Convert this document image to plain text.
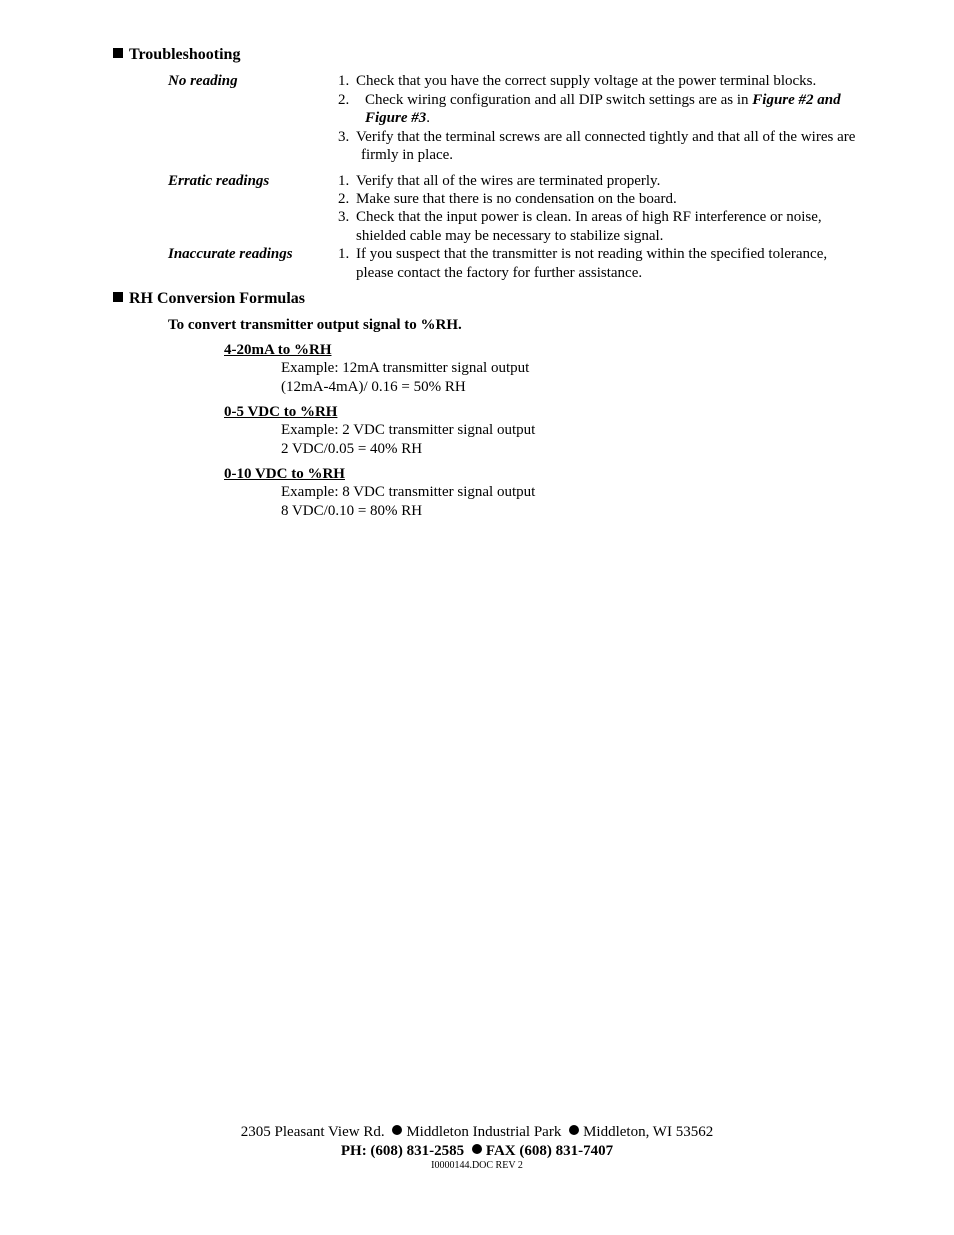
Troubleshooting
No reading	1. Check that you have the correct supply voltage at the power terminal blocks.
2. Check wiring configuration and all DIP switch settings are as in Figure #2 and
Figure #3.
3. Verify that the terminal screws are all connected tightly and that all of the wires are
firmly in place.
Erratic readings	1. Verify that all of the wires are terminated properly.
2. Make sure that there is no condensation on the board.
3. Check that the input power is clean. In areas of high RF interference or noise,
shielded cable may be necessary to stabilize signal.
Inaccurate readings	1. If you suspect that the transmitter is not reading within the specified tolerance,
please contact the factory for further assistance.
RH Conversion Formulas
To convert transmitter output signal to %RH.
4-20mA to %RH
Example: 12mA transmitter signal output
(12mA-4mA)/ 0.16 = 50% RH
0-5 VDC to %RH
Example: 2 VDC transmitter signal output
2 VDC/0.05 = 40% RH
0-10 VDC to %RH
Example: 8 VDC transmitter signal output
8 VDC/0.10 = 80% RH
2305 Pleasant View Rd. Middleton Industrial Park Middleton, WI 53562
PH: (608) 831-2585 FAX (608) 831-7407
I0000144.DOC REV 2
